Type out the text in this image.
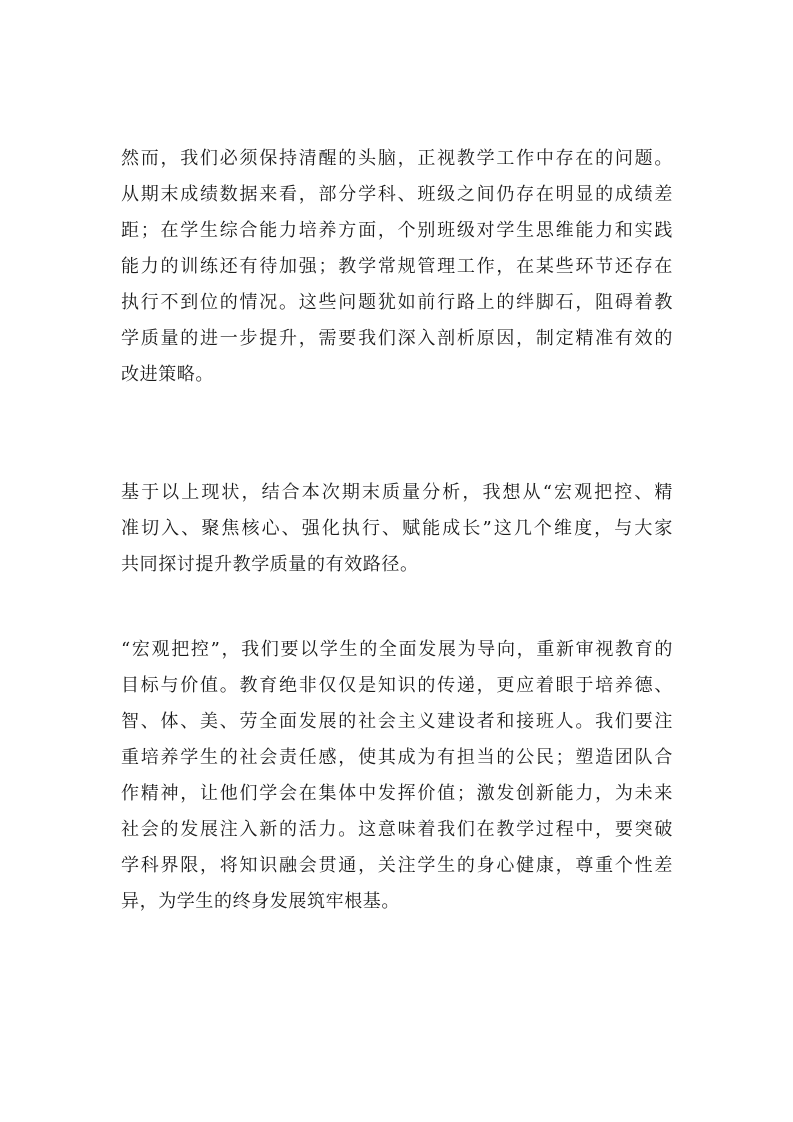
然而，我们必须保持清醒的头脑，正视教学工作中存在的问题。
从期末成绩数据来看，部分学科、班级之间仍存在明显的成绩差
距；在学生综合能力培养方面，个别班级对学生思维能力和实践
能力的训练还有待加强；教学常规管理工作，在某些环节还存在
执行不到位的情况。这些问题犹如前行路上的绊脚石，阻碍着教
学质量的进一步提升，需要我们深入剖析原因，制定精准有效的
改进策略。

基于以上现状，结合本次期末质量分析，我想从“宏观把控、精
准切入、聚焦核心、强化执行、赋能成长”这几个维度，与大家
共同探讨提升教学质量的有效路径。

“宏观把控”，我们要以学生的全面发展为导向，重新审视教育的
目标与价值。教育绝非仅仅是知识的传递，更应着眼于培养德、
智、体、美、劳全面发展的社会主义建设者和接班人。我们要注
重培养学生的社会责任感，使其成为有担当的公民；塑造团队合
作精神，让他们学会在集体中发挥价值；激发创新能力，为未来
社会的发展注入新的活力。这意味着我们在教学过程中，要突破
学科界限，将知识融会贯通，关注学生的身心健康，尊重个性差
异，为学生的终身发展筑牢根基。
